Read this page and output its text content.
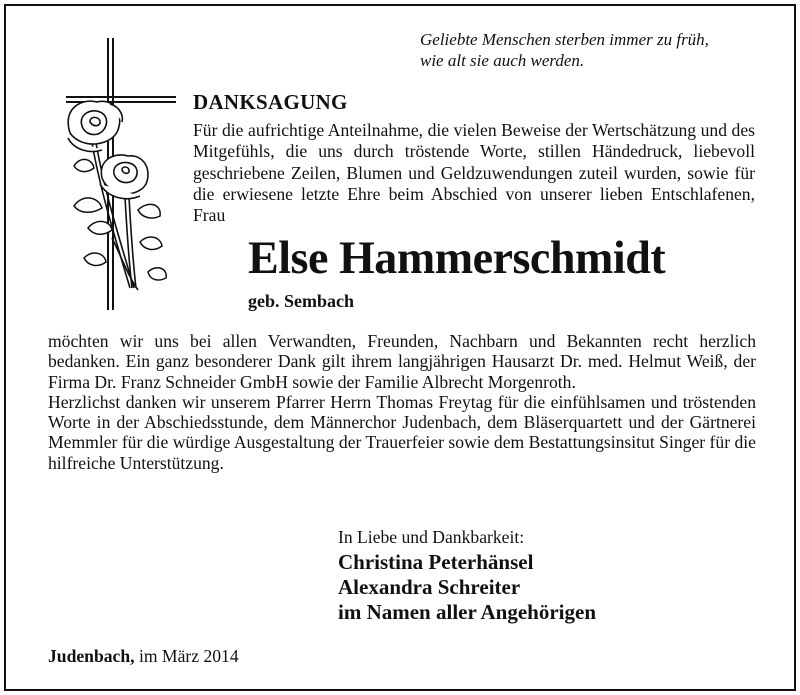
Geliebte Menschen sterben immer zu früh,
wie alt sie auch werden.
DANKSAGUNG
Für die aufrichtige Anteilnahme, die vielen Beweise der Wertschätzung und des Mitgefühls, die uns durch tröstende Worte, stillen Händedruck, liebevoll geschriebene Zeilen, Blumen und Geldzuwendungen zuteil wurden, sowie für die erwiesene letzte Ehre beim Abschied von unserer lieben Entschlafenen, Frau
Else Hammerschmidt
geb. Sembach

möchten wir uns bei allen Verwandten, Freunden, Nachbarn und Bekannten recht herzlich bedanken. Ein ganz besonderer Dank gilt ihrem langjährigen Hausarzt Dr. med. Helmut Weiß, der Firma Dr. Franz Schneider GmbH sowie der Familie Albrecht Morgenroth.

Herzlichst danken wir unserem Pfarrer Herrn Thomas Freytag für die einfühlsamen und tröstenden Worte in der Abschiedsstunde, dem Männerchor Judenbach, dem Bläserquartett und der Gärtnerei Memmler für die würdige Ausgestaltung der Trauerfeier sowie dem Bestattungsinsitut Singer für die hilfreiche Unterstützung.

In Liebe und Dankbarkeit:
Christina Peterhänsel
Alexandra Schreiter
im Namen aller Angehörigen
Judenbach, im März 2014
